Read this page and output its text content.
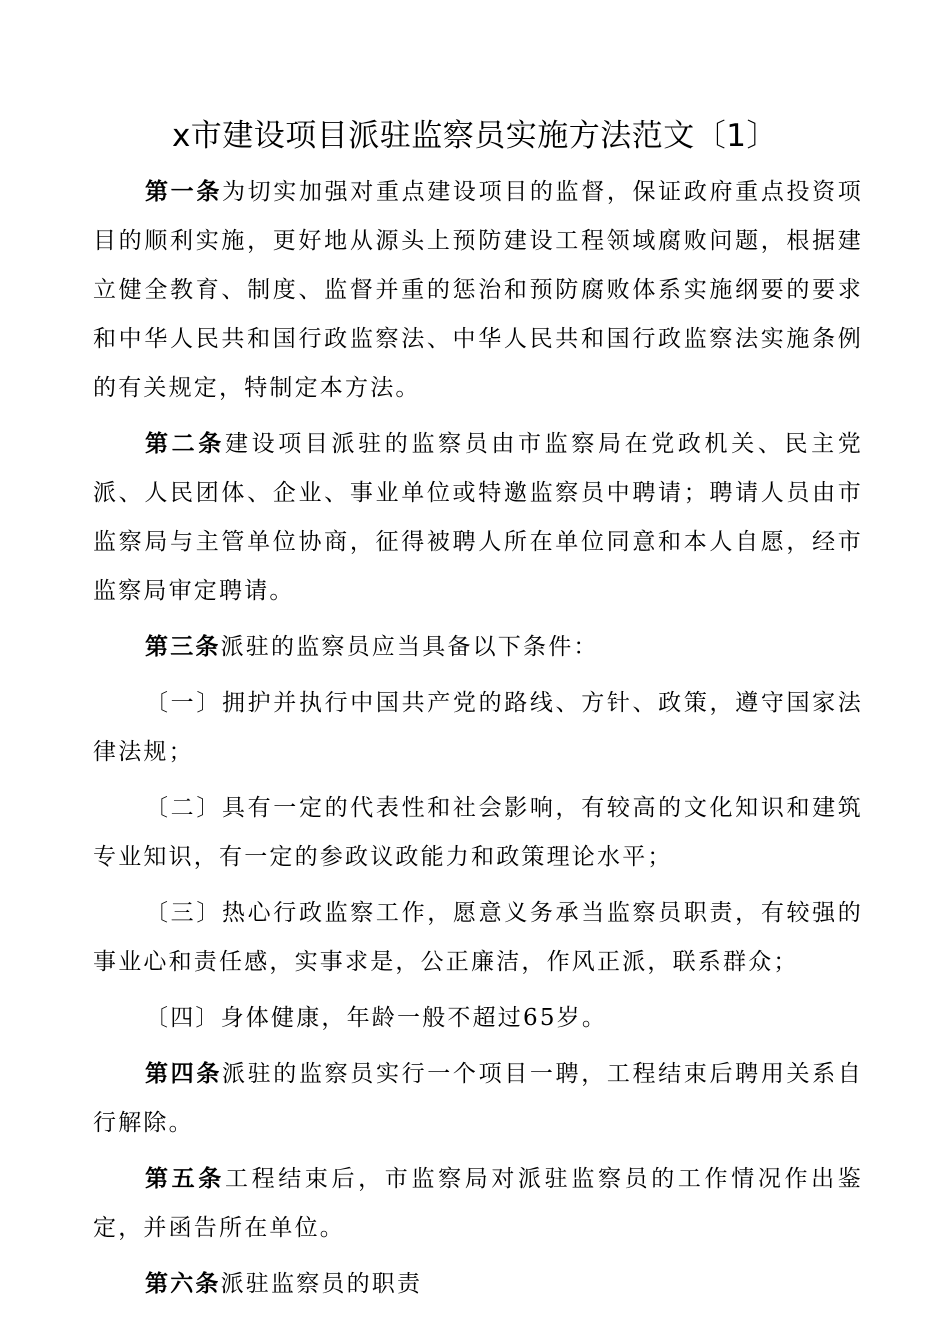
x市建设项目派驻监察员实施方法范文〔1〕

第一条为切实加强对重点建设项目的监督，保证政府重点投资项目的顺利实施，更好地从源头上预防建设工程领域腐败问题，根据建立健全教育、制度、监督并重的惩治和预防腐败体系实施纲要的要求和中华人民共和国行政监察法、中华人民共和国行政监察法实施条例的有关规定，特制定本方法。

第二条建设项目派驻的监察员由市监察局在党政机关、民主党派、人民团体、企业、事业单位或特邀监察员中聘请；聘请人员由市监察局与主管单位协商，征得被聘人所在单位同意和本人自愿，经市监察局审定聘请。

第三条派驻的监察员应当具备以下条件：

〔一〕拥护并执行中国共产党的路线、方针、政策，遵守国家法律法规；

〔二〕具有一定的代表性和社会影响，有较高的文化知识和建筑专业知识，有一定的参政议政能力和政策理论水平；

〔三〕热心行政监察工作，愿意义务承当监察员职责，有较强的事业心和责任感，实事求是，公正廉洁，作风正派，联系群众；

〔四〕身体健康，年龄一般不超过65岁。

第四条派驻的监察员实行一个项目一聘，工程结束后聘用关系自行解除。

第五条工程结束后，市监察局对派驻监察员的工作情况作出鉴定，并函告所在单位。

第六条派驻监察员的职责
